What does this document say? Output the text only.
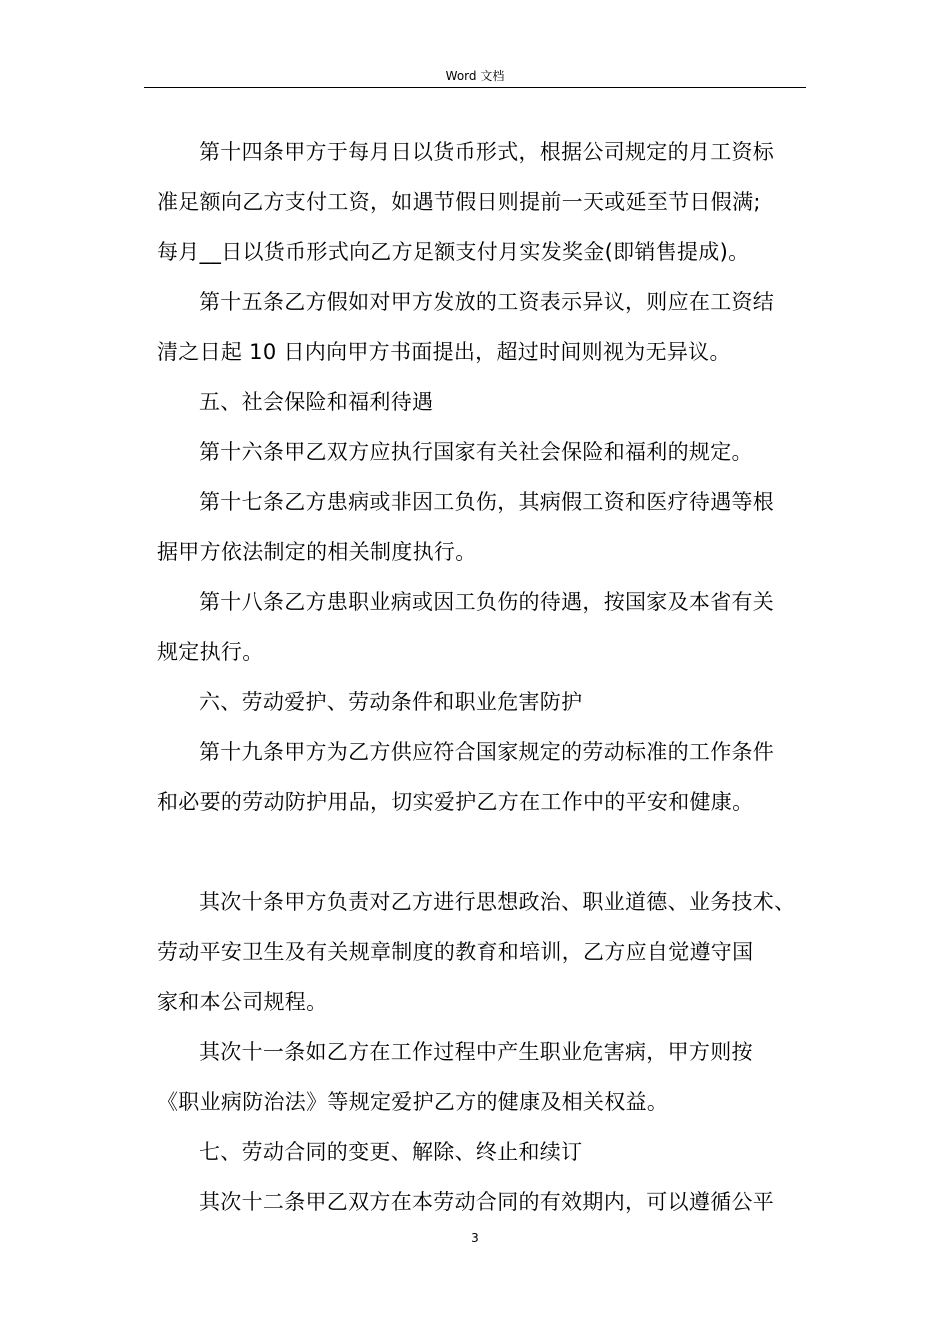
Word 文档

第十四条甲方于每月日以货币形式，根据公司规定的月工资标
准足额向乙方支付工资，如遇节假日则提前一天或延至节日假满;
每月__日以货币形式向乙方足额支付月实发奖金(即销售提成)。

第十五条乙方假如对甲方发放的工资表示异议，则应在工资结
清之日起 10 日内向甲方书面提出，超过时间则视为无异议。

五、社会保险和福利待遇

第十六条甲乙双方应执行国家有关社会保险和福利的规定。

第十七条乙方患病或非因工负伤，其病假工资和医疗待遇等根
据甲方依法制定的相关制度执行。

第十八条乙方患职业病或因工负伤的待遇，按国家及本省有关
规定执行。

六、劳动爱护、劳动条件和职业危害防护

第十九条甲方为乙方供应符合国家规定的劳动标准的工作条件
和必要的劳动防护用品，切实爱护乙方在工作中的平安和健康。

其次十条甲方负责对乙方进行思想政治、职业道德、业务技术、
劳动平安卫生及有关规章制度的教育和培训，乙方应自觉遵守国
家和本公司规程。

其次十一条如乙方在工作过程中产生职业危害病，甲方则按
《职业病防治法》等规定爱护乙方的健康及相关权益。

七、劳动合同的变更、解除、终止和续订

其次十二条甲乙双方在本劳动合同的有效期内，可以遵循公平

3
